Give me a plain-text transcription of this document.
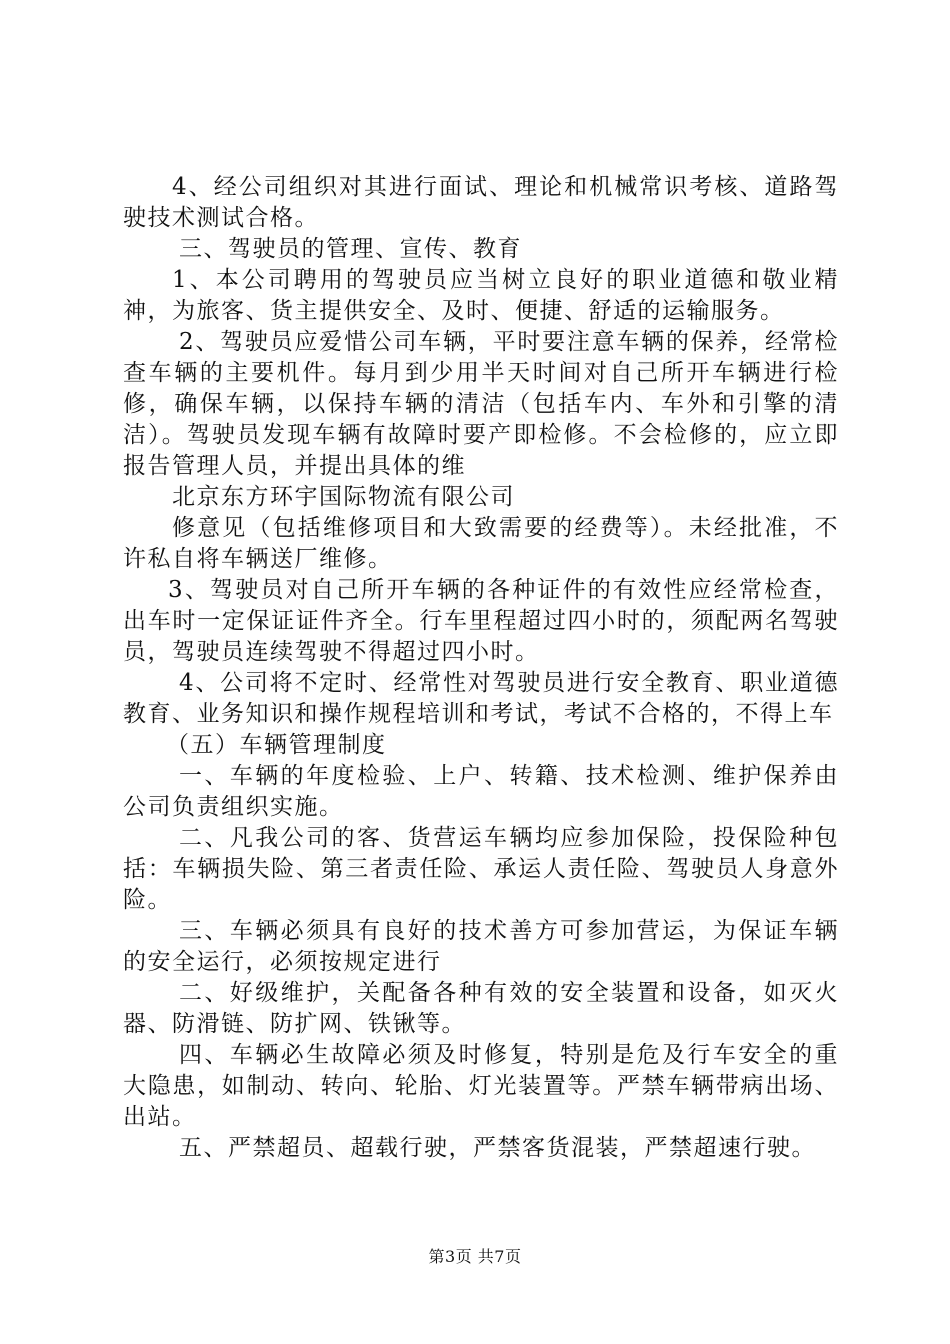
4、经公司组织对其进行面试、理论和机械常识考核、道路驾驶技术测试合格。

三、驾驶员的管理、宣传、教育

1、本公司聘用的驾驶员应当树立良好的职业道德和敬业精神，为旅客、货主提供安全、及时、便捷、舒适的运输服务。

2、驾驶员应爱惜公司车辆，平时要注意车辆的保养，经常检查车辆的主要机件。每月到少用半天时间对自己所开车辆进行检修，确保车辆，以保持车辆的清洁（包括车内、车外和引擎的清洁）。驾驶员发现车辆有故障时要产即检修。不会检修的，应立即报告管理人员，并提出具体的维

北京东方环宇国际物流有限公司

修意见（包括维修项目和大致需要的经费等）。未经批准，不许私自将车辆送厂维修。

3、驾驶员对自己所开车辆的各种证件的有效性应经常检查，出车时一定保证证件齐全。行车里程超过四小时的，须配两名驾驶员，驾驶员连续驾驶不得超过四小时。

4、公司将不定时、经常性对驾驶员进行安全教育、职业道德教育、业务知识和操作规程培训和考试，考试不合格的，不得上车

（五）车辆管理制度

一、车辆的年度检验、上户、转籍、技术检测、维护保养由公司负责组织实施。

二、凡我公司的客、货营运车辆均应参加保险，投保险种包括：车辆损失险、第三者责任险、承运人责任险、驾驶员人身意外险。

三、车辆必须具有良好的技术善方可参加营运，为保证车辆的安全运行，必须按规定进行

二、好级维护，关配备各种有效的安全装置和设备，如灭火器、防滑链、防扩网、铁锹等。

四、车辆必生故障必须及时修复，特别是危及行车安全的重大隐患，如制动、转向、轮胎、灯光装置等。严禁车辆带病出场、出站。

五、严禁超员、超载行驶，严禁客货混装，严禁超速行驶。

第3页 共7页
